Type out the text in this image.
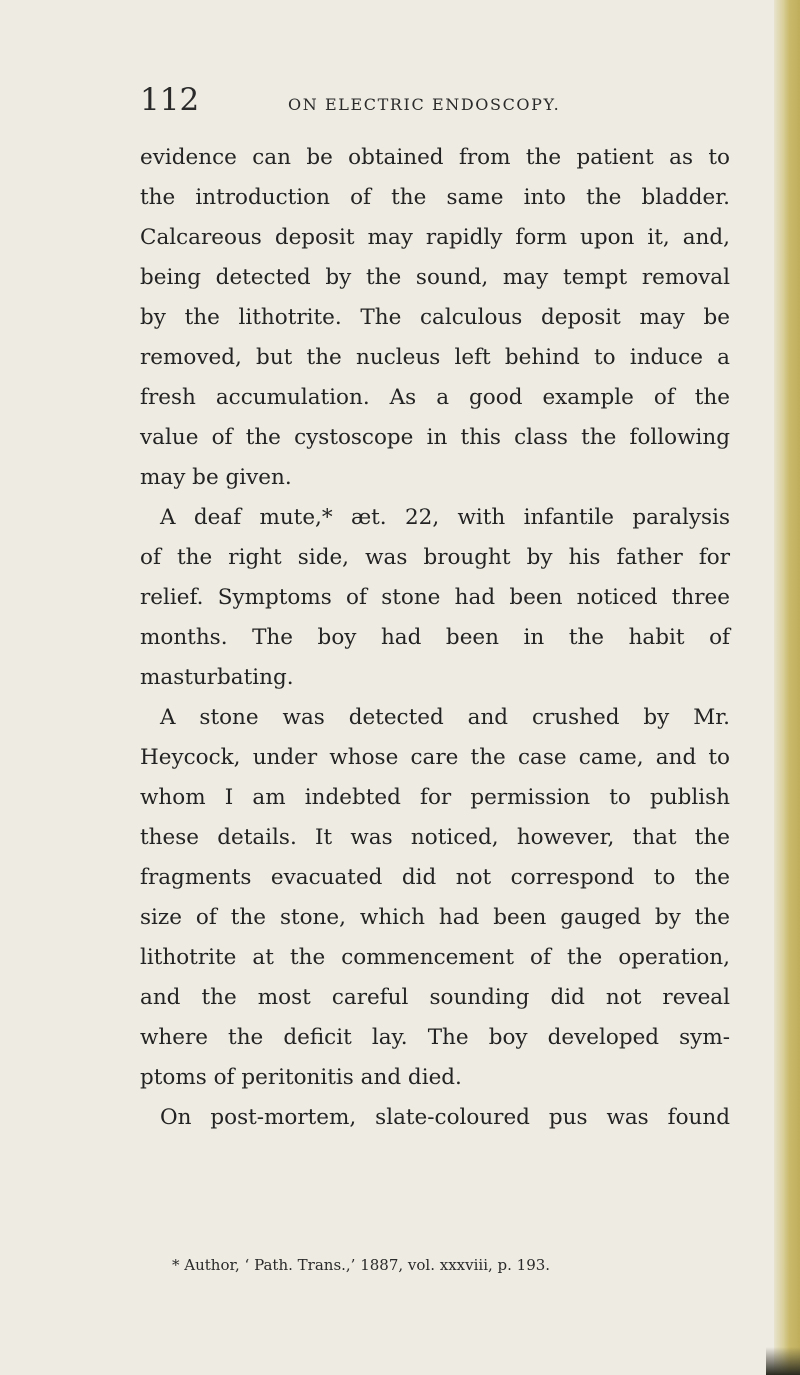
112	ON ELECTRIC ENDOSCOPY.
evidence can be obtained from the patient as to
the introduction of the same into the bladder.
Calcareous deposit may rapidly form upon it, and,
being detected by the sound, may tempt removal
by the lithotrite. The calculous deposit may be
removed, but the nucleus left behind to induce a
fresh accumulation. As a good example of the
value of the cystoscope in this class the following
may be given.
A deaf mute,* æt. 22, with infantile paralysis
of the right side, was brought by his father for
relief. Symptoms of stone had been noticed three
months. The boy had been in the habit of
masturbating.
A stone was detected and crushed by Mr.
Heycock, under whose care the case came, and to
whom I am indebted for permission to publish
these details. It was noticed, however, that the
fragments evacuated did not correspond to the
size of the stone, which had been gauged by the
lithotrite at the commencement of the operation,
and the most careful sounding did not reveal
where the deficit lay. The boy developed sym-
ptoms of peritonitis and died.
On post-mortem, slate-coloured pus was found
* Author, ‘ Path. Trans.,’ 1887, vol. xxxviii, p. 193.
